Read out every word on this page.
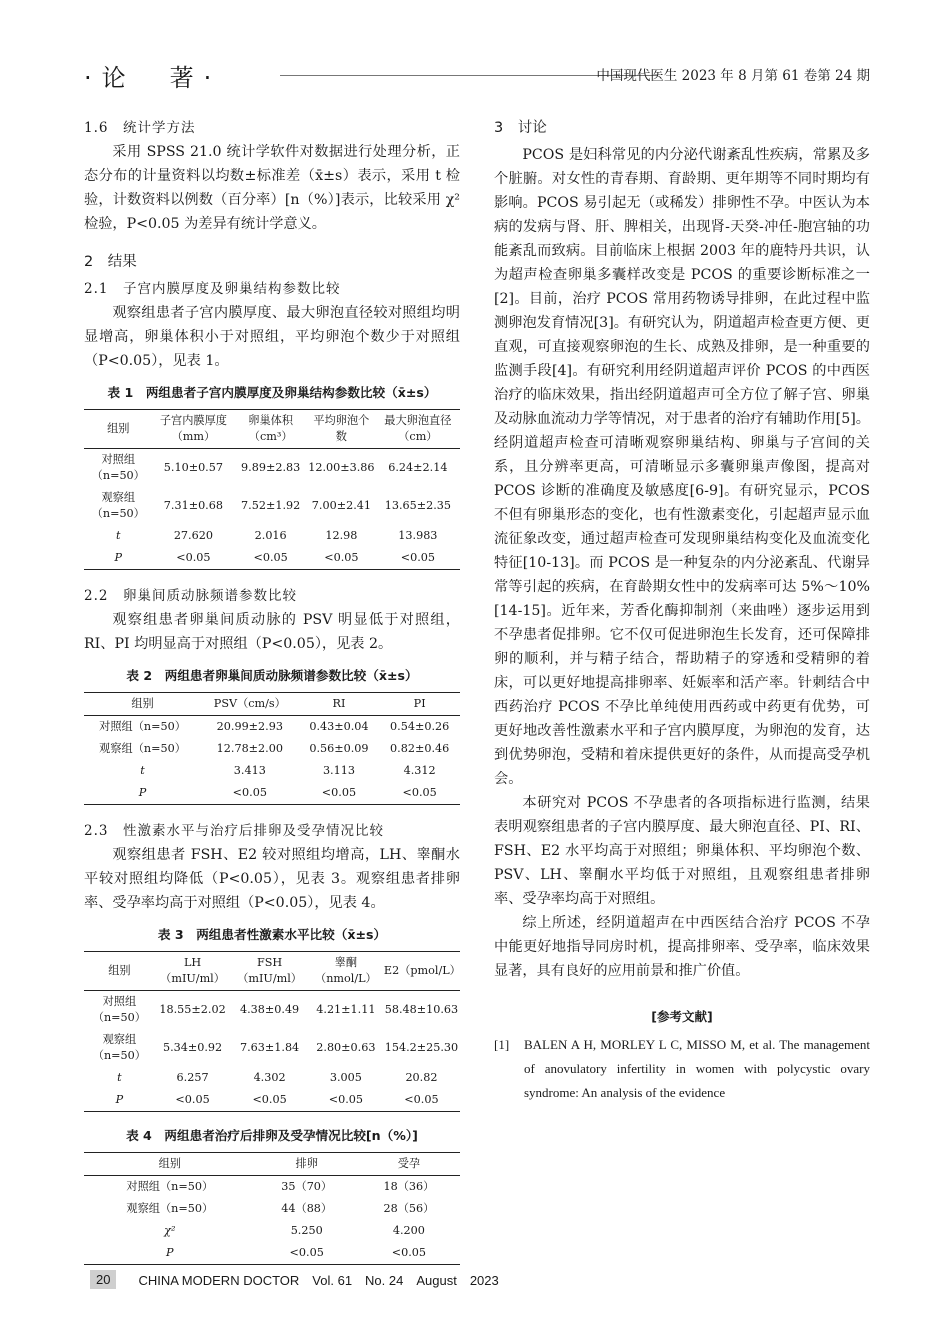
·论　著·	中国现代医生 2023 年 8 月第 61 卷第 24 期
1.6　统计学方法

采用 SPSS 21.0 统计学软件对数据进行处理分析，正态分布的计量资料以均数±标准差（x̄±s）表示，采用 t 检验，计数资料以例数（百分率）[n（%）]表示，比较采用 χ² 检验，P<0.05 为差异有统计学意义。

2　结果
2.1　子宫内膜厚度及卵巢结构参数比较

观察组患者子宫内膜厚度、最大卵泡直径较对照组均明显增高，卵巢体积小于对照组，平均卵泡个数少于对照组（P<0.05），见表 1。

表 1　两组患者子宫内膜厚度及卵巢结构参数比较（x̄±s）
组别	子宫内膜厚度（mm）	卵巢体积（cm³）	平均卵泡个数	最大卵泡直径（cm）
对照组（n=50）	5.10±0.57	9.89±2.83	12.00±3.86	6.24±2.14
观察组（n=50）	7.31±0.68	7.52±1.92	7.00±2.41	13.65±2.35
t	27.620	2.016	12.98	13.983
P	<0.05	<0.05	<0.05	<0.05
2.2　卵巢间质动脉频谱参数比较

观察组患者卵巢间质动脉的 PSV 明显低于对照组，RI、PI 均明显高于对照组（P<0.05），见表 2。

表 2　两组患者卵巢间质动脉频谱参数比较（x̄±s）
组别	PSV（cm/s）	RI	PI
对照组（n=50）	20.99±2.93	0.43±0.04	0.54±0.26
观察组（n=50）	12.78±2.00	0.56±0.09	0.82±0.46
t	3.413	3.113	4.312
P	<0.05	<0.05	<0.05
2.3　性激素水平与治疗后排卵及受孕情况比较

观察组患者 FSH、E2 较对照组均增高，LH、睾酮水平较对照组均降低（P<0.05），见表 3。观察组患者排卵率、受孕率均高于对照组（P<0.05），见表 4。

表 3　两组患者性激素水平比较（x̄±s）
组别	LH（mIU/ml）	FSH（mIU/ml）	睾酮（nmol/L）	E2（pmol/L）
对照组（n=50）	18.55±2.02	4.38±0.49	4.21±1.11	58.48±10.63
观察组（n=50）	5.34±0.92	7.63±1.84	2.80±0.63	154.2±25.30
t	6.257	4.302	3.005	20.82
P	<0.05	<0.05	<0.05	<0.05
表 4　两组患者治疗后排卵及受孕情况比较[n（%）]
组别	排卵	受孕
对照组（n=50）	35（70）	18（36）
观察组（n=50）	44（88）	28（56）
χ²	5.250	4.200
P	<0.05	<0.05
3　讨论

PCOS 是妇科常见的内分泌代谢紊乱性疾病，常累及多个脏腑。对女性的青春期、育龄期、更年期等不同时期均有影响。PCOS 易引起无（或稀发）排卵性不孕。中医认为本病的发病与肾、肝、脾相关，出现肾-天癸-冲任-胞宫轴的功能紊乱而致病。目前临床上根据 2003 年的鹿特丹共识，认为超声检查卵巢多囊样改变是 PCOS 的重要诊断标准之一[2]。目前，治疗 PCOS 常用药物诱导排卵，在此过程中监测卵泡发育情况[3]。有研究认为，阴道超声检查更方便、更直观，可直接观察卵泡的生长、成熟及排卵，是一种重要的监测手段[4]。有研究利用经阴道超声评价 PCOS 的中西医治疗的临床效果，指出经阴道超声可全方位了解子宫、卵巢及动脉血流动力学等情况，对于患者的治疗有辅助作用[5]。经阴道超声检查可清晰观察卵巢结构、卵巢与子宫间的关系，且分辨率更高，可清晰显示多囊卵巢声像图，提高对 PCOS 诊断的准确度及敏感度[6-9]。有研究显示，PCOS 不但有卵巢形态的变化，也有性激素变化，引起超声显示血流征象改变，通过超声检查可发现卵巢结构变化及血流变化特征[10-13]。而 PCOS 是一种复杂的内分泌紊乱、代谢异常等引起的疾病，在育龄期女性中的发病率可达 5%～10%[14-15]。近年来，芳香化酶抑制剂（来曲唑）逐步运用到不孕患者促排卵。它不仅可促进卵泡生长发育，还可保障排卵的顺利，并与精子结合，帮助精子的穿透和受精卵的着床，可以更好地提高排卵率、妊娠率和活产率。针刺结合中西药治疗 PCOS 不孕比单纯使用西药或中药更有优势，可更好地改善性激素水平和子宫内膜厚度，为卵泡的发育，达到优势卵泡，受精和着床提供更好的条件，从而提高受孕机会。

本研究对 PCOS 不孕患者的各项指标进行监测，结果表明观察组患者的子宫内膜厚度、最大卵泡直径、PI、RI、FSH、E2 水平均高于对照组；卵巢体积、平均卵泡个数、PSV、LH、睾酮水平均低于对照组，且观察组患者排卵率、受孕率均高于对照组。

综上所述，经阴道超声在中西医结合治疗 PCOS 不孕中能更好地指导同房时机，提高排卵率、受孕率，临床效果显著，具有良好的应用前景和推广价值。

[参考文献]
[1]	BALEN A H, MORLEY L C, MISSO M, et al. The management of anovulatory infertility in women with polycystic ovary syndrome: An analysis of the evidence
20	CHINA MODERN DOCTOR　Vol. 61　No. 24　August　2023
